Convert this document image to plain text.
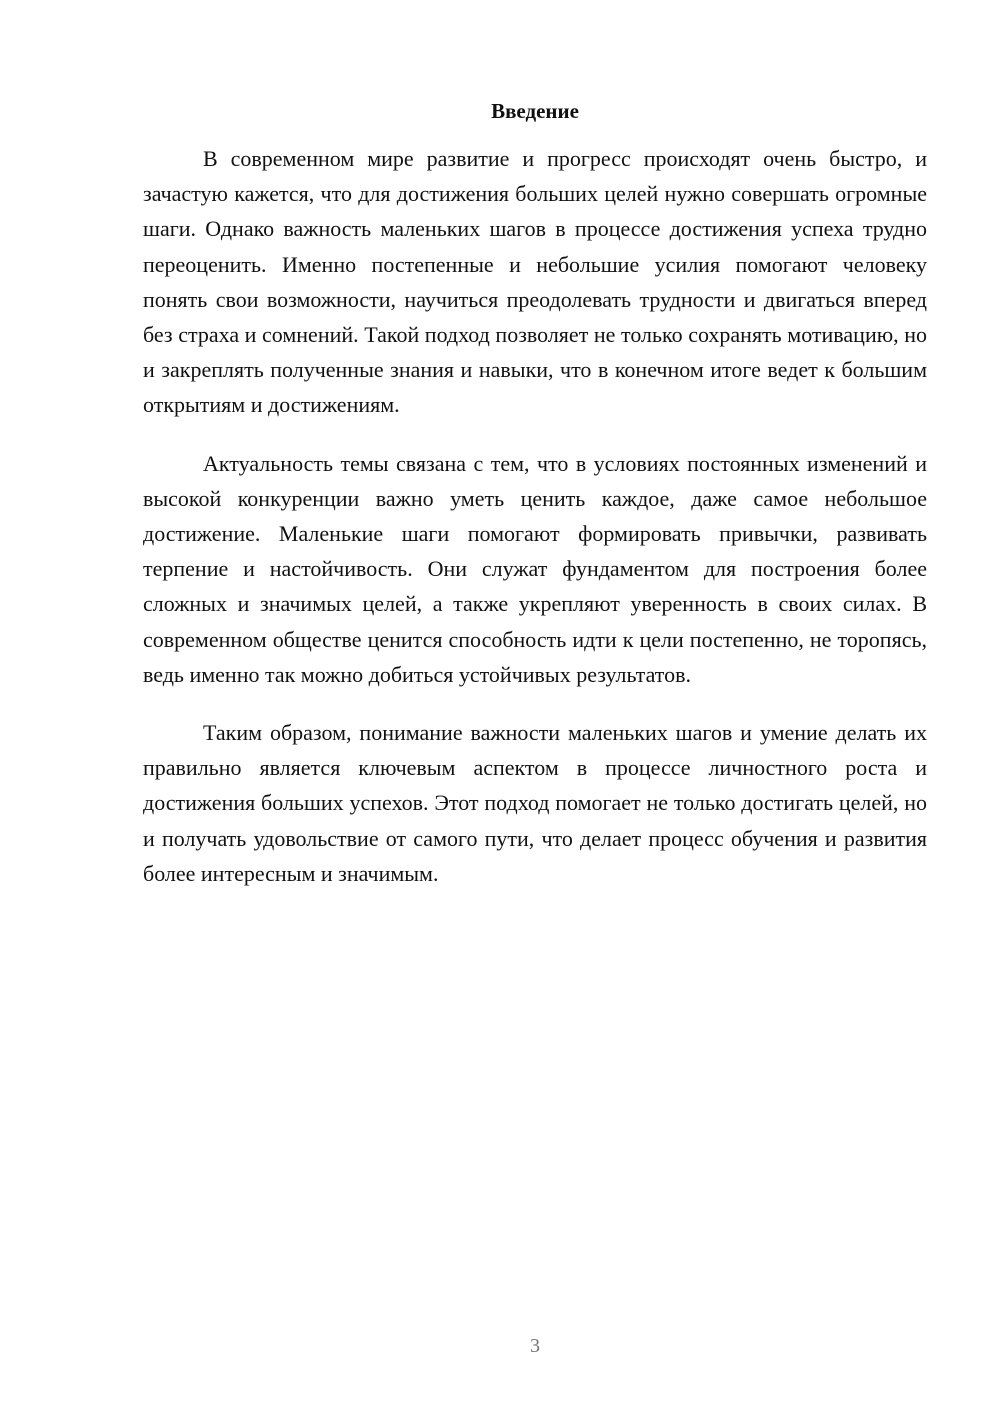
Введение

В современном мире развитие и прогресс происходят очень быстро, и зачастую кажется, что для достижения больших целей нужно совершать огромные шаги. Однако важность маленьких шагов в процессе достижения успеха трудно переоценить. Именно постепенные и небольшие усилия помогают человеку понять свои возможности, научиться преодолевать трудности и двигаться вперед без страха и сомнений. Такой подход позволяет не только сохранять мотивацию, но и закреплять полученные знания и навыки, что в конечном итоге ведет к большим открытиям и достижениям.

Актуальность темы связана с тем, что в условиях постоянных изменений и высокой конкуренции важно уметь ценить каждое, даже самое небольшое достижение. Маленькие шаги помогают формировать привычки, развивать терпение и настойчивость. Они служат фундаментом для построения более сложных и значимых целей, а также укрепляют уверенность в своих силах. В современном обществе ценится способность идти к цели постепенно, не торопясь, ведь именно так можно добиться устойчивых результатов.

Таким образом, понимание важности маленьких шагов и умение делать их правильно является ключевым аспектом в процессе личностного роста и достижения больших успехов. Этот подход помогает не только достигать целей, но и получать удовольствие от самого пути, что делает процесс обучения и развития более интересным и значимым.

3
